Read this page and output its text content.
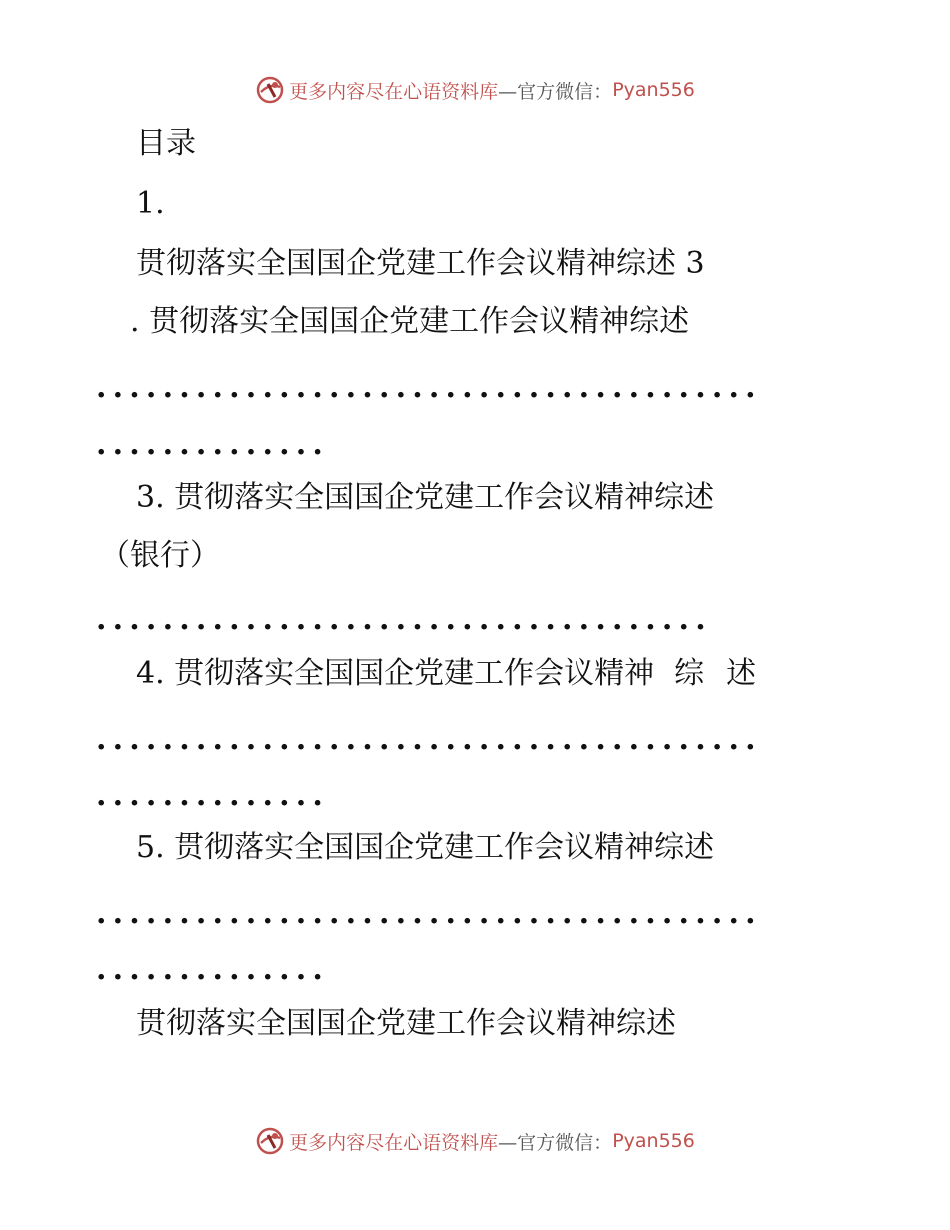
更多内容尽在心语资料库 —官方微信： Pyan556
目录
1.
贯彻落实全国国企党建工作会议精神综述 3
. 贯彻落实全国国企党建工作会议精神综述
........................................
..............
3. 贯彻落实全国国企党建工作会议精神综述
（银行）
.....................................
4. 贯彻落实全国国企党建工作会议精神 综 述
........................................
..............
5. 贯彻落实全国国企党建工作会议精神综述
........................................
..............
贯彻落实全国国企党建工作会议精神综述
更多内容尽在心语资料库 —官方微信： Pyan556
